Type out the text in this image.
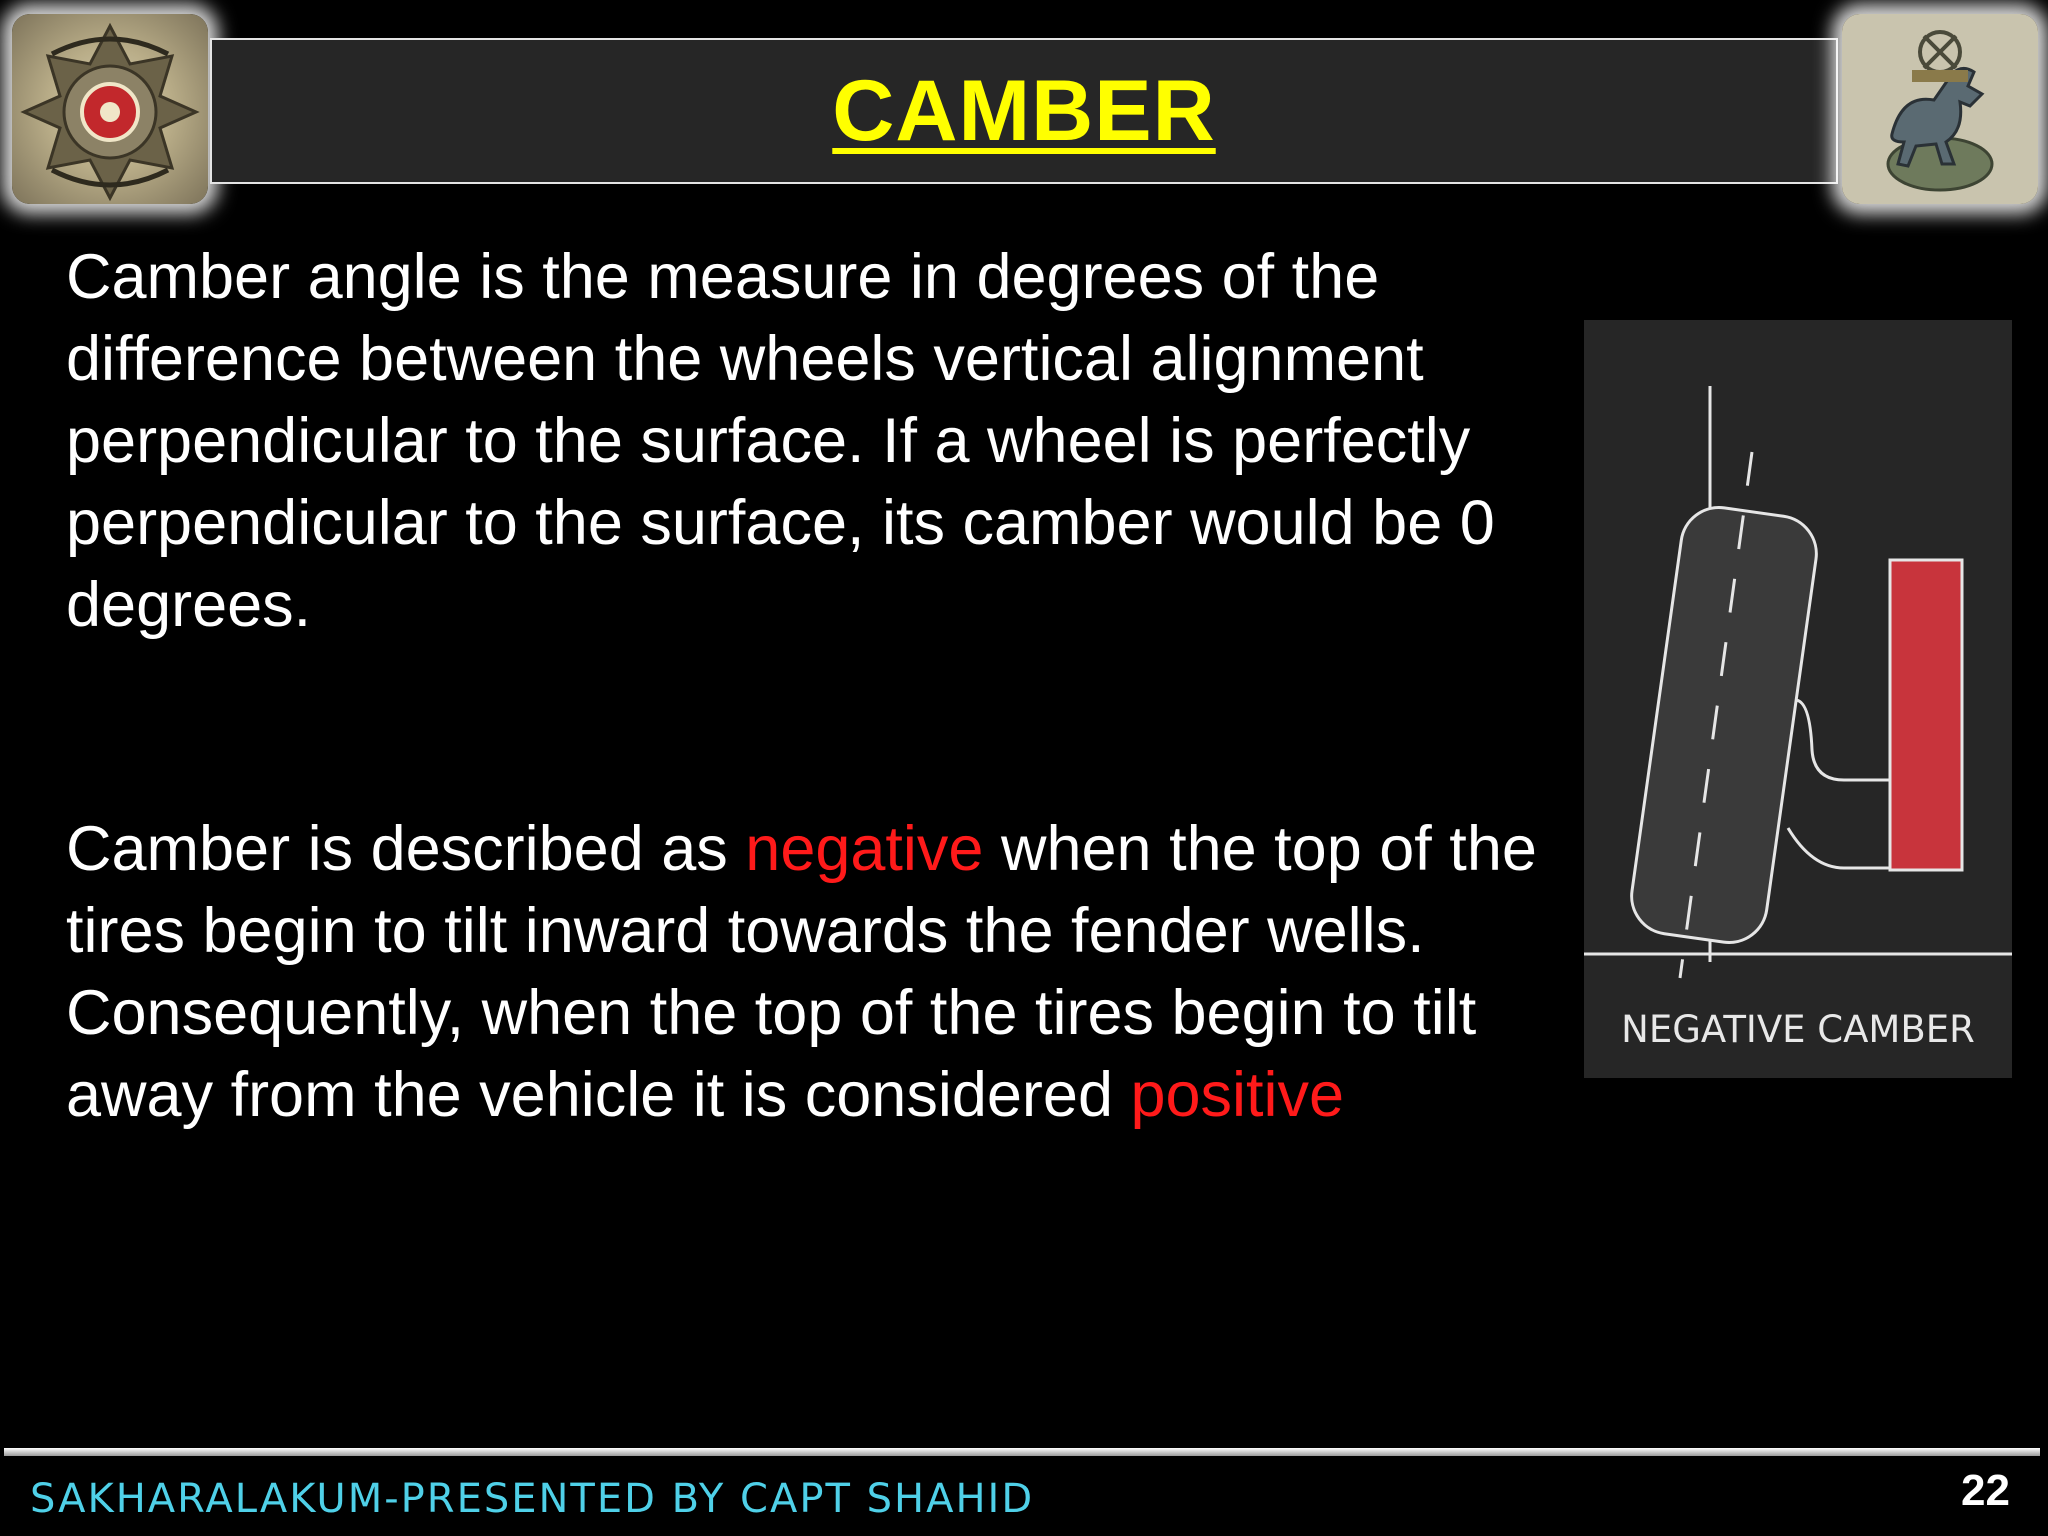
CAMBER

Camber angle is the measure in degrees of the difference between the wheels vertical alignment perpendicular to the surface. If a wheel is perfectly perpendicular to the surface, its camber would be 0 degrees.

Camber is described as negative when the top of the tires begin to tilt inward towards the fender wells. Consequently, when the top of the tires begin to tilt away from the vehicle it is considered positive

NEGATIVE CAMBER
SAKHARALAKUM-PRESENTED BY CAPT SHAHID	22
